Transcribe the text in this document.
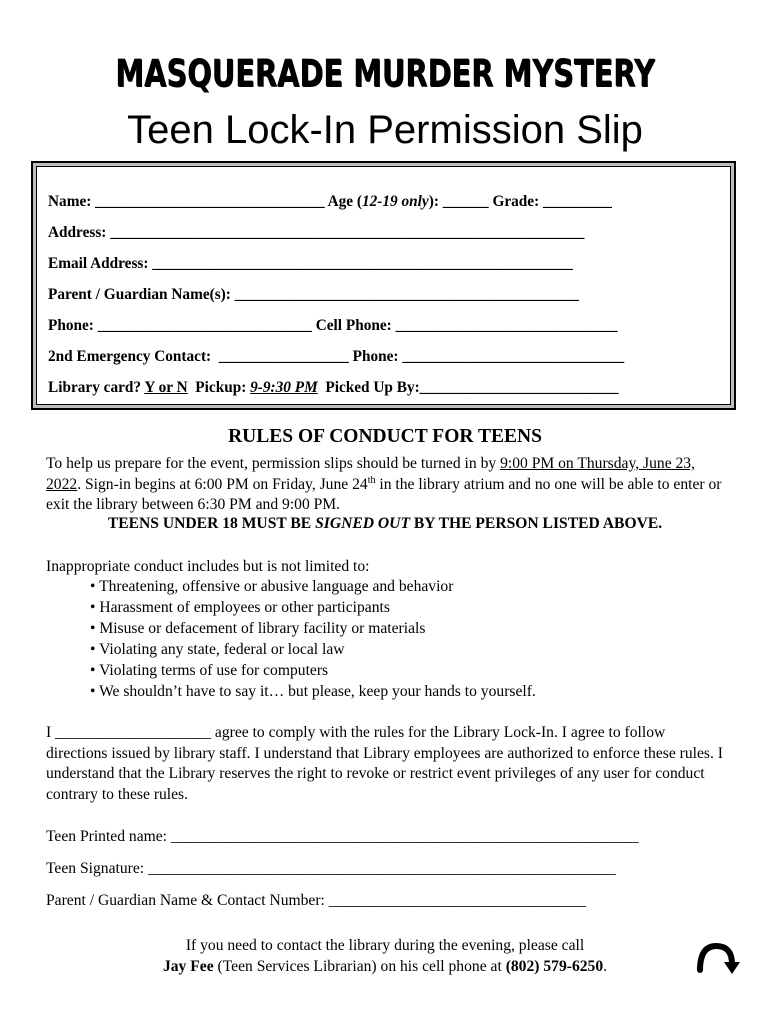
MASQUERADE MURDER MYSTERY
Teen Lock-In Permission Slip
Name: ______________________________ Age (12-19 only): ______ Grade: _________
Address: ______________________________________________________________
Email Address: _______________________________________________________
Parent / Guardian Name(s): _____________________________________________
Phone: ____________________________ Cell Phone: _____________________________
2nd Emergency Contact:  _________________ Phone: _____________________________
Library card? Y or N  Pickup: 9-9:30 PM  Picked Up By:__________________________
RULES OF CONDUCT FOR TEENS
To help us prepare for the event, permission slips should be turned in by 9:00 PM on Thursday, June 23, 2022. Sign-in begins at 6:00 PM on Friday, June 24th in the library atrium and no one will be able to enter or exit the library between 6:30 PM and 9:00 PM.
TEENS UNDER 18 MUST BE SIGNED OUT BY THE PERSON LISTED ABOVE.
Inappropriate conduct includes but is not limited to:
• Threatening, offensive or abusive language and behavior
• Harassment of employees or other participants
• Misuse or defacement of library facility or materials
• Violating any state, federal or local law
• Violating terms of use for computers
• We shouldn’t have to say it… but please, keep your hands to yourself.
I ____________________ agree to comply with the rules for the Library Lock-In. I agree to follow directions issued by library staff. I understand that Library employees are authorized to enforce these rules. I understand that the Library reserves the right to revoke or restrict event privileges of any user for conduct contrary to these rules.
Teen Printed name: ____________________________________________________________
Teen Signature: ____________________________________________________________
Parent / Guardian Name & Contact Number: _________________________________
If you need to contact the library during the evening, please call
Jay Fee (Teen Services Librarian) on his cell phone at (802) 579-6250.
